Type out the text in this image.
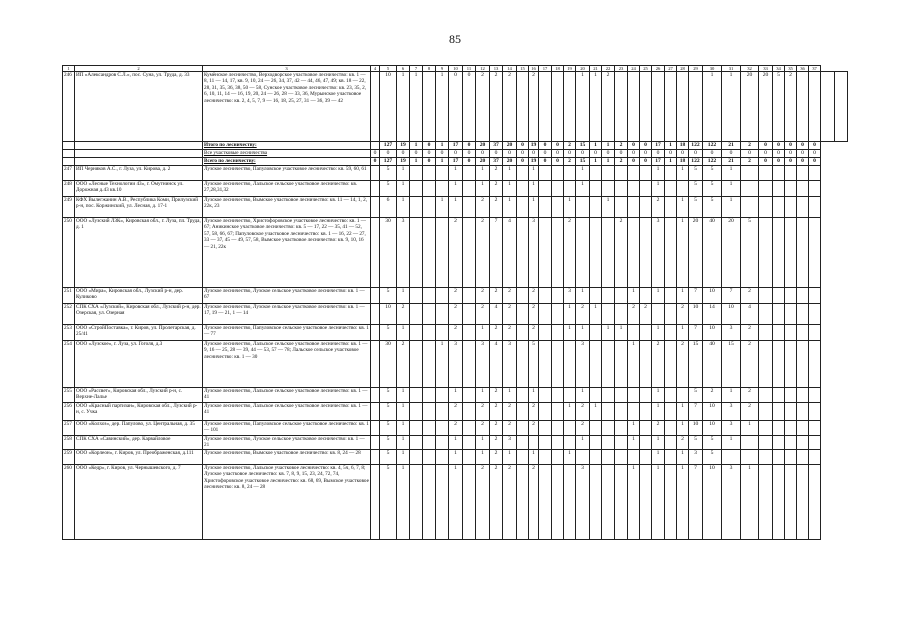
85
1	2	3	4	5	6	7	8	9	10	11	12	13	14	15	16	17	18	19	20	21	22	23	24	25	26	27	28	29	30	31	32	33	34	35	36	37		
246	ИП «Александров С.Л.», пос. Суна, ул. Труда, д. 33	Кумёнское лесничество, Верходворское участковое лесничество: кв. 1 — 8, 11 — 14, 17, кв. 9, 10, 24 — 26, 34, 37, 42 — 44, 46, 47, 49; кв. 18 — 22, 28, 31, 35, 36, 38, 50 — 58, Сунское участковое лесничество: кв. 23, 35, 2, 6, 10, 11, 14 — 16, 19, 20, 24 — 26, 28 — 33, 36, Мурынское участковое лесничество: кв. 2, 4, 5, 7, 9 — 16, 18, 25, 27, 31 — 36, 39 — 42		10	1	1		1	0	0	2	2	2		2				1	1	2								1	1	20	20	5	2				
		Итого по лесничеству:		127	19	1	0	1	17	0	20	37	20	0	19	0	0	2	15	1	1	2	0	0	17	1	18	122	122	21	2	0	0	0	0	0		
		Все участковые лесничества	0	0	0	0	0	0	0	0	0	0	0	0	0	0	0	0	0	0	0	0	0	0	0	0	0	0	0	0	0	0	0	0	0	0		
		Всего по лесничеству:	0	127	19	1	0	1	17	0	20	37	20	0	19	0	0	2	15	1	1	2	0	0	17	1	18	122	122	21	2	0	0	0	0	0		
247	ИП Черняков А.С., г. Луза, ул. Кирова, д. 2	Лузское лесничество, Папуловское участковое лесничество: кв. 59, 60, 61		5	1				1		1	2	1		1				1						1		1	5	5	1								
248	ООО «Лесные Технологии 43», г. Омутнинск ул. Дорожная д.43 кв.10	Лузское лесничество, Лальское сельское участковое лесничество: кв. 27,28,31,32		5	1				1		1	2	1		1				1						1			5	5	1								
249	КФХ Вылегжанин А.В., Республика Коми, Прилузский р-н, пос. Коржинский, ул. Лесная, д. 17-1	Лузское лесничество, Вымское участковое лесничество: кв. 11 — 14, 1, 2, 22к, 23		6	1			1	1		2	2	1		1			1			1				2		1	5	5	1								
250	ООО «Лузский ЛЗК», Кировская обл., г. Луза, пл. Труда, д. 1	Лузское лесничество, Христофоровское участковое лесничество: кв. 1 — 67; Аникинское участковое лесничество: кв. 5 — 17, 22 — 35, 41 — 52, 57, 58, 66, 67; Папуловское участковое лесничество: кв. 1 — 16, 22 — 27, 33 — 37, 45 — 49, 57, 58, Вымское участковое лесничество: кв. 9, 10, 16 — 21, 22к		30	3				2		2	7	4		3			2				2			3		1	20	40	20	5							
251	ООО «Мира», Кировская обл., Лузский р-н, дер. Куликово	Лузское лесничество, Лузское сельское участковое лесничество: кв. 1 — 67		5	1				2		2	2	2		2			3	1				1		1		1	7	10	7	2							
252	СПК СХА «Лузский», Кировская обл., Лузский р-н, дер. Озерская, ул. Озерная	Лузское лесничество, Лузское сельское участковое лесничество: кв. 1 — 17, 19 — 21, 1 — 14		10	2				2		2	4	2		2			1	2	1			2	2			2	10	14	10	4							
253	ООО «СтройПоставка», г. Киров, ул. Пролетарская, д. 25/41	Лузское лесничество, Папуловское сельское участковое лесничество: кв. 1 — 77		5	1				2		1	2	2		2			1	1		1	1			1		1	7	10	3	2							
254	ООО «Лузское», г. Луза, ул. Гоголя, д.3	Лузское лесничество, Лальское сельское участковое лесничество: кв. 1 — 9, 16 — 25, 28 — 39, 44 — 53, 57 — 78; Лальское сельское участковое лесничество: кв. 1 — 30		30	2			1	3		3	4	3		5				3				1		2		2	15	40	15	2							
255	ООО «Рассвет», Кировская обл., Лузский р-н, с. Верхне-Лалье	Лузское лесничество, Лальское сельское участковое лесничество: кв. 1 — 41		5	1				1		1	2	1		1				1						1			5	2	1	2							
256	ООО «Красный партизан», Кировская обл., Лузский р-н, с. Учка	Лузское лесничество, Лальское сельское участковое лесничество: кв. 1 — 41		5	1				2		2	2	2		2			1	2	1					1		1	7	10	3	2							
257	ООО «Колхоз», дер. Папулово, ул. Центральная, д. 35	Лузское лесничество, Папуловское сельское участковое лесничество: кв. 1 — 101		5	1				2		2	2	2		2				2				1		2		1	10	10	3	1							
258	СПК СХА «Савинский», дер. Карвайловое	Лузское лесничество, Лузское сельское участковое лесничество: кв. 1 — 21		5	1				1		1	2	3						1				1		1		2	5	5	1								
259	ООО «Корлеон», г. Киров, ул. Преображенская, д.111	Лузское лесничество, Вымское участковое лесничество: кв. 8, 24 — 28		5	1				1		1	2	1		1			1							1		1	3	5									
260	ООО «Кедр», г. Киров, ул. Чернышевского, д. 7	Лузское лесничество, Лальское участковое лесничество: кв. 4, 5ч, 6, 7, 8; Лузское участковое лесничество: кв. 7, 8, 9, 15, 23, 24, 72, 74, Христофоровское участковое лесничество: кв. 68, 69, Вымское участковое лесничество: кв. 8, 24 — 28		5	1				1		2	2	2		2				3				1		1		1	7	10	3	1							
